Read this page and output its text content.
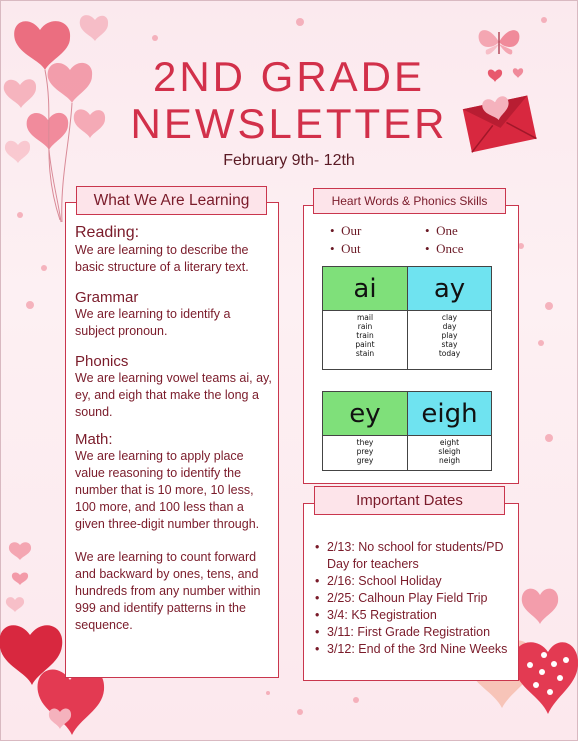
2ND GRADE
NEWSLETTER
February 9th- 12th
What We Are Learning

Reading:

We are learning to describe the basic structure of a literary text.

Grammar

We are learning to identify a subject pronoun.

Phonics

We are learning vowel teams ai, ay, ey, and eigh that make the long a sound.

Math:

We are learning to apply place value reasoning to identify the number that is 10 more, 10 less, 100 more, and 100 less than a given three-digit number through.

We are learning to count forward and backward by ones, tens, and hundreds from any number within 999 and identify patterns in the sequence.

Heart Words & Phonics Skills
•  Our
•  Out
•  One
•  Once
ai	ay
mail
rain
train
paint
stain
clay
day
play
stay
today
ey	eigh
they
prey
grey
eight
sleigh
neigh
Important Dates
• 2/13: No school for students/PD Day for teachers
• 2/16: School Holiday
• 2/25: Calhoun Play Field Trip
• 3/4: K5 Registration
• 3/11: First Grade Registration
• 3/12: End of the 3rd Nine Weeks
